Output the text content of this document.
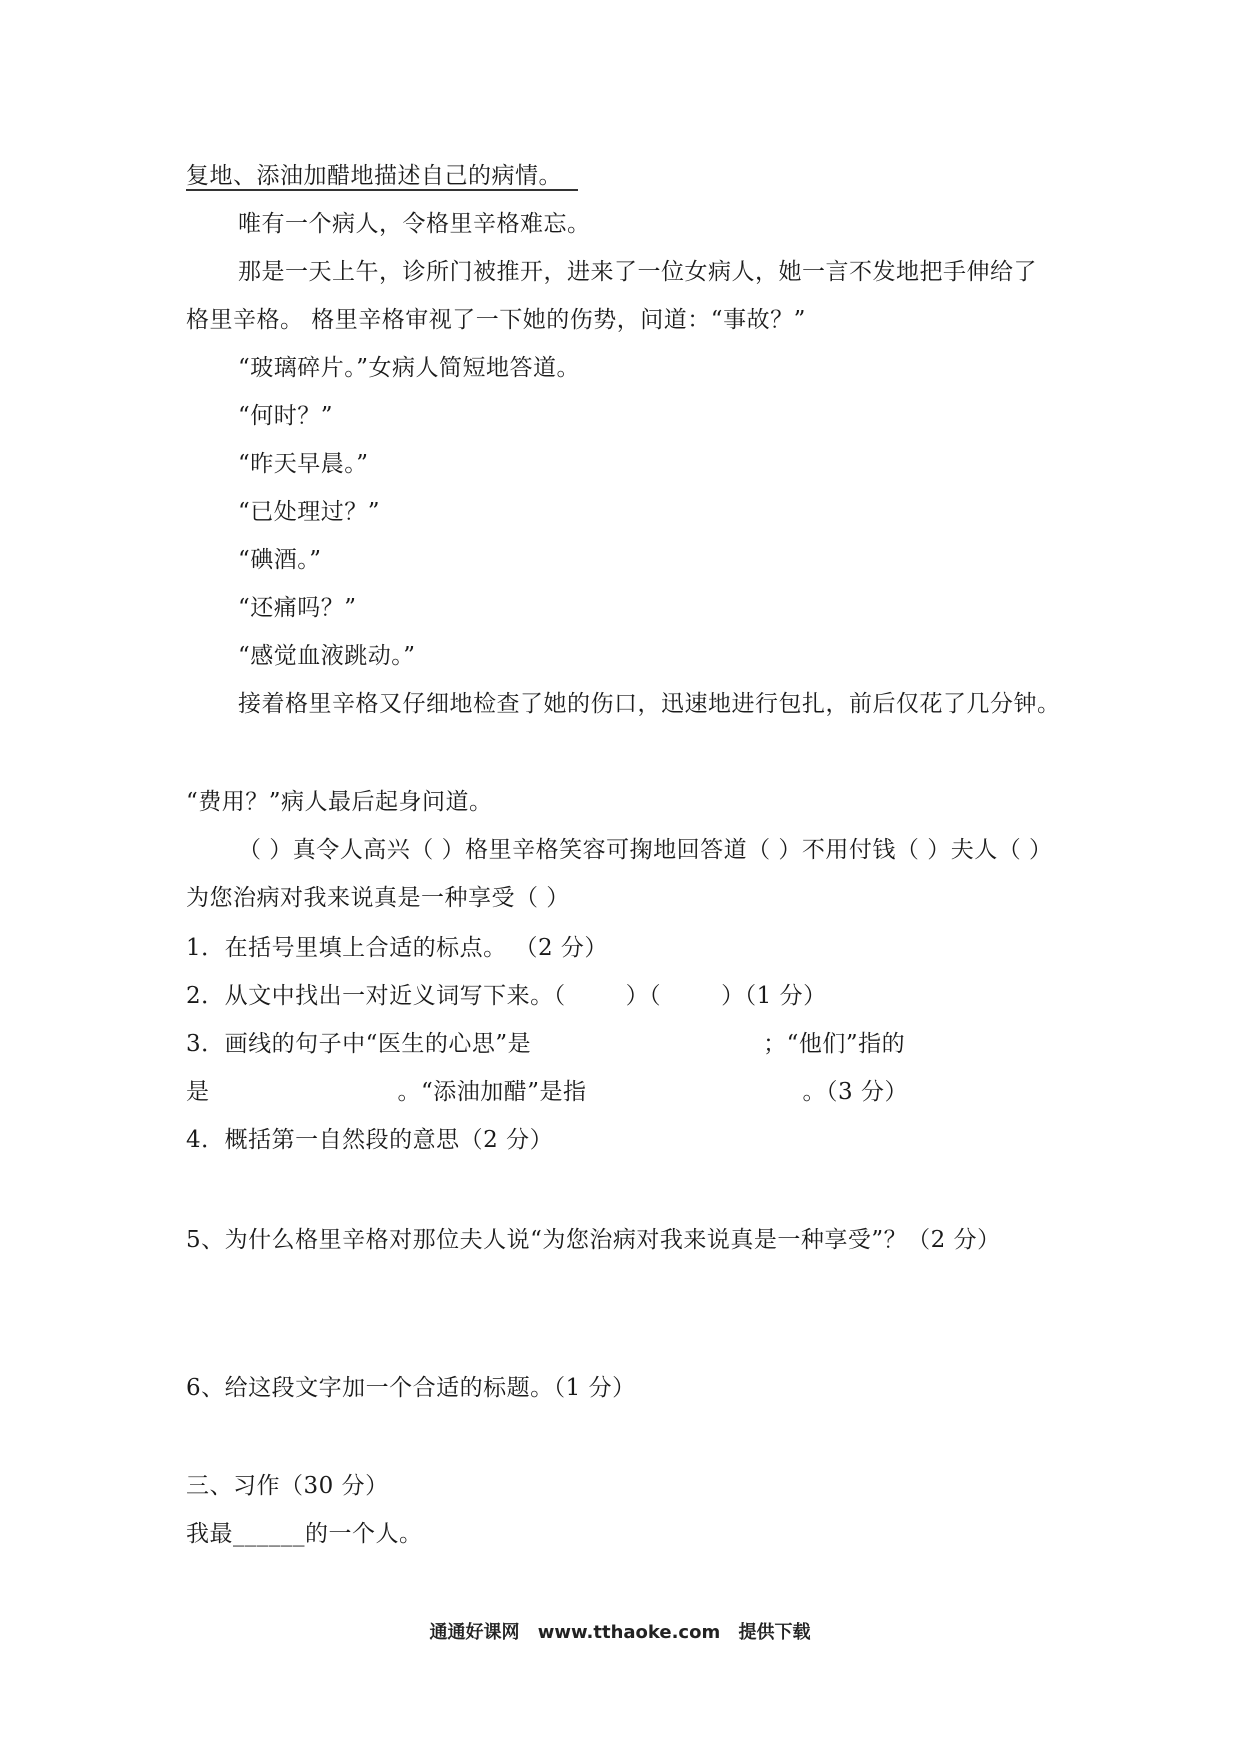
复地、添油加醋地描述自己的病情。
唯有一个病人，令格里辛格难忘。
那是一天上午，诊所门被推开，进来了一位女病人，她一言不发地把手伸给了
格里辛格。 格里辛格审视了一下她的伤势，问道：“事故？”
“玻璃碎片。”女病人简短地答道。
“何时？”
“昨天早晨。”
“已处理过？”
“碘酒。”
“还痛吗？”
“感觉血液跳动。”
接着格里辛格又仔细地检查了她的伤口，迅速地进行包扎，前后仅花了几分钟。
“费用？”病人最后起身问道。
（ ）真令人高兴（ ）格里辛格笑容可掬地回答道（ ）不用付钱（ ）夫人（ ）
为您治病对我来说真是一种享受（ ）
1．在括号里填上合适的标点。 （2 分）
2．从文中找出一对近义词写下来。（	）（	）（1 分）
3．画线的句子中“医生的心思”是	；“他们”指的
是	。“添油加醋”是指	。（3 分）
4．概括第一自然段的意思（2 分）
5、为什么格里辛格对那位夫人说“为您治病对我来说真是一种享受”？（2 分）
6、给这段文字加一个合适的标题。（1 分）
三、习作（30 分）
我最______的一个人。
通通好课网 www.tthaoke.com 提供下载
